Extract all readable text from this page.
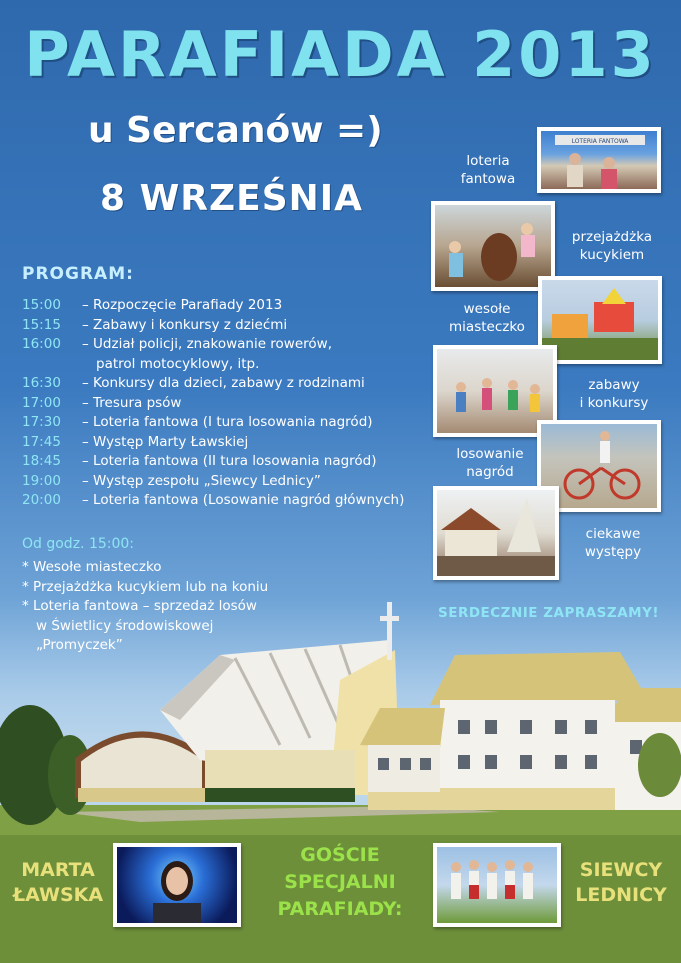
PARAFIADA 2013
u Sercanów =)
8 WRZEŚNIA
PROGRAM:
15:00	– Rozpoczęcie Parafiady 2013
15:15	– Zabawy i konkursy z dziećmi
16:00	– Udział policji, znakowanie rowerów,
patrol motocyklowy, itp.
16:30	– Konkursy dla dzieci, zabawy z rodzinami
17:00	– Tresura psów
17:30	– Loteria fantowa (I tura losowania nagród)
17:45	– Występ Marty Ławskiej
18:45	– Loteria fantowa (II tura losowania nagród)
19:00	– Występ zespołu „Siewcy Lednicy”
20:00	– Loteria fantowa (Losowanie nagród głównych)
Od godz. 15:00:
* Wesołe miasteczko
* Przejażdżka kucykiem lub na koniu
* Loteria fantowa – sprzedaż losów
w Świetlicy środowiskowej
„Promyczek”
SERDECZNIE ZAPRASZAMY!
loteria
fantowa
LOTERIA FANTOWA
przejażdżka
kucykiem
wesołe
miasteczko
zabawy
i konkursy
losowanie
nagród
ciekawe
występy
MARTA
ŁAWSKA
GOŚCIE
SPECJALNI
PARAFIADY:
SIEWCY
LEDNICY
